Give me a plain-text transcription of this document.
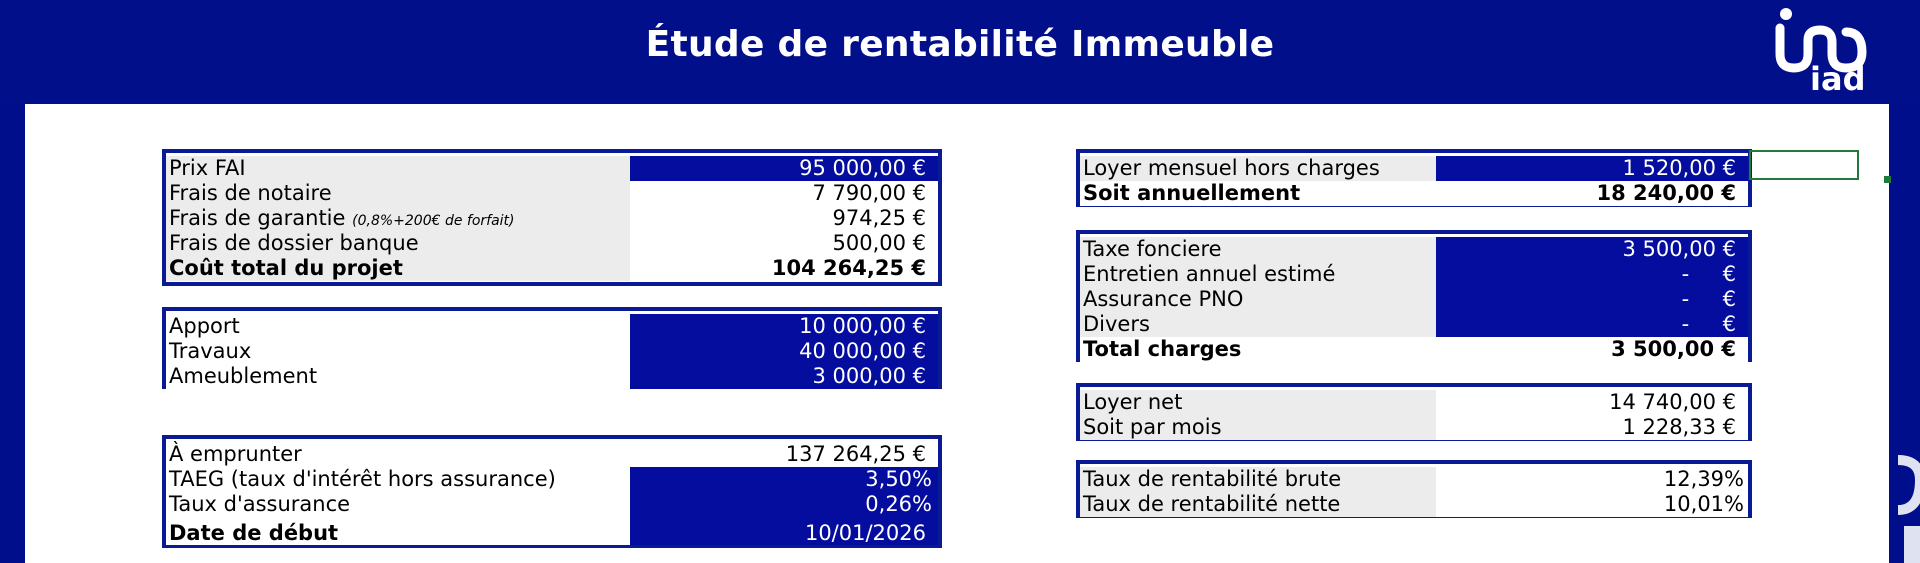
Étude de rentabilité Immeuble
iad
Prix FAI	95 000,00 €
Frais de notaire	7 790,00 €
Frais de garantie (0,8%+200€ de forfait)	974,25 €
Frais de dossier banque	500,00 €
Coût total du projet	104 264,25 €
Apport	10 000,00 €
Travaux	40 000,00 €
Ameublement	3 000,00 €
À emprunter	137 264,25 €
TAEG (taux d'intérêt hors assurance)	3,50%
Taux d'assurance	0,26%
Date de début	10/01/2026
Loyer mensuel hors charges	1 520,00 €
Soit annuellement	18 240,00 €
Taxe fonciere	3 500,00 €
Entretien annuel estimé	-     €
Assurance PNO	-     €
Divers	-     €
Total charges	3 500,00 €
Loyer net	14 740,00 €
Soit par mois	1 228,33 €
Taux de rentabilité brute	12,39%
Taux de rentabilité nette	10,01%
